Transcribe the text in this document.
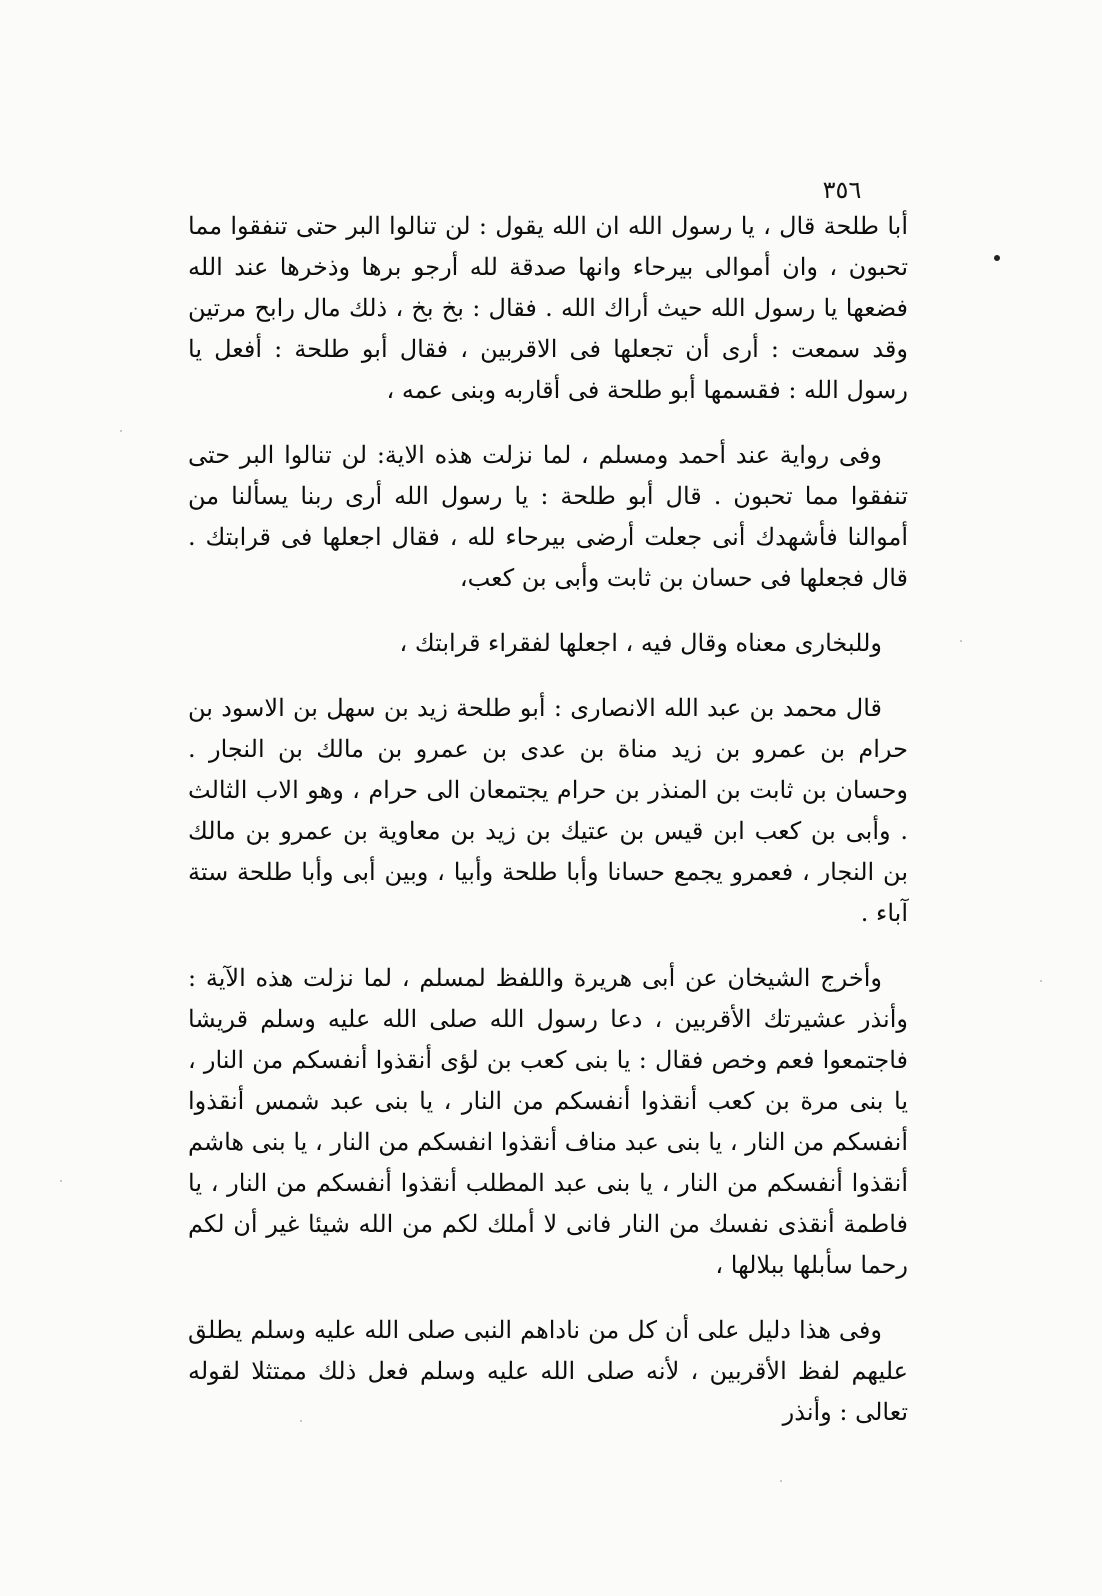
٣٥٦

أبا طلحة قال ، يا رسول الله ان الله يقول : لن تنالوا البر حتى تنفقوا مما تحبون ، وان أموالى بيرحاء وانها صدقة لله أرجو برها وذخرها عند الله فضعها يا رسول الله حيث أراك الله . فقال : بخ بخ ، ذلك مال رابح مرتين وقد سمعت : أرى أن تجعلها فى الاقربين ، فقال أبو طلحة : أفعل يا رسول الله : فقسمها أبو طلحة فى أقاربه وبنى عمه ،

وفى رواية عند أحمد ومسلم ، لما نزلت هذه الاية: لن تنالوا البر حتى تنفقوا مما تحبون . قال أبو طلحة : يا رسول الله أرى ربنا يسألنا من أموالنا فأشهدك أنى جعلت أرضى بيرحاء لله ، فقال اجعلها فى قرابتك . قال فجعلها فى حسان بن ثابت وأبى بن كعب،

وللبخارى معناه وقال فيه ، اجعلها لفقراء قرابتك ،

قال محمد بن عبد الله الانصارى : أبو طلحة زيد بن سهل بن الاسود بن حرام بن عمرو بن زيد مناة بن عدى بن عمرو بن مالك بن النجار . وحسان بن ثابت بن المنذر بن حرام يجتمعان الى حرام ، وهو الاب الثالث . وأبى بن كعب ابن قيس بن عتيك بن زيد بن معاوية بن عمرو بن مالك بن النجار ، فعمرو يجمع حسانا وأبا طلحة وأبيا ، وبين أبى وأبا طلحة ستة آباء .

وأخرج الشيخان عن أبى هريرة واللفظ لمسلم ، لما نزلت هذه الآية : وأنذر عشيرتك الأقربين ، دعا رسول الله صلى الله عليه وسلم قريشا فاجتمعوا فعم وخص فقال : يا بنى كعب بن لؤى أنقذوا أنفسكم من النار ، يا بنى مرة بن كعب أنقذوا أنفسكم من النار ، يا بنى عبد شمس أنقذوا أنفسكم من النار ، يا بنى عبد مناف أنقذوا انفسكم من النار ، يا بنى هاشم أنقذوا أنفسكم من النار ، يا بنى عبد المطلب أنقذوا أنفسكم من النار ، يا فاطمة أنقذى نفسك من النار فانى لا أملك لكم من الله شيئا غير أن لكم رحما سأبلها ببلالها ،

وفى هذا دليل على أن كل من ناداهم النبى صلى الله عليه وسلم يطلق عليهم لفظ الأقربين ، لأنه صلى الله عليه وسلم فعل ذلك ممتثلا لقوله تعالى : وأنذر
